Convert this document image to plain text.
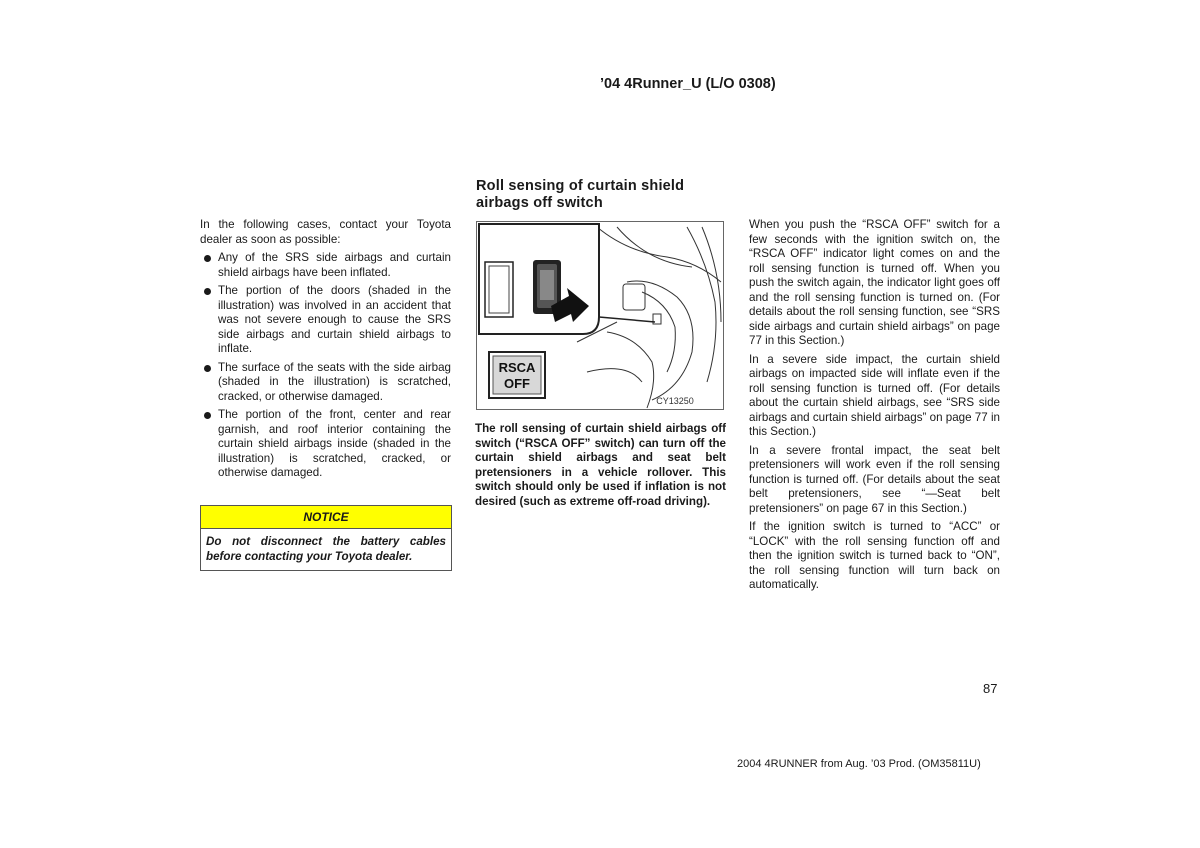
’04 4Runner_U (L/O 0308)

In the following cases, contact your Toyota dealer as soon as possible:

Any of the SRS side airbags and curtain shield airbags have been inflated.
The portion of the doors (shaded in the illustration) was involved in an accident that was not severe enough to cause the SRS side airbags and curtain shield airbags to inflate.
The surface of the seats with the side airbag (shaded in the illustration) is scratched, cracked, or otherwise damaged.
The portion of the front, center and rear garnish, and roof interior containing the curtain shield airbags inside (shaded in the illustration) is scratched, cracked, or otherwise damaged.
NOTICE
Do not disconnect the battery cables before contacting your Toyota dealer.
Roll sensing of curtain shield
airbags off switch
RSCA
OFF
CY13250
The roll sensing of curtain shield airbags off switch (“RSCA OFF” switch) can turn off the curtain shield airbags and seat belt pretensioners in a vehicle rollover. This switch should only be used if inflation is not desired (such as extreme off-road driving).

When you push the “RSCA OFF” switch for a few seconds with the ignition switch on, the “RSCA OFF” indicator light comes on and the roll sensing function is turned off. When you push the switch again, the indicator light goes off and the roll sensing function is turned on. (For details about the roll sensing function, see “SRS side airbags and curtain shield airbags” on page 77 in this Section.)

In a severe side impact, the curtain shield airbags on impacted side will inflate even if the roll sensing function is turned off. (For details about the curtain shield airbags, see “SRS side airbags and curtain shield airbags” on page 77 in this Section.)

In a severe frontal impact, the seat belt pretensioners will work even if the roll sensing function is turned off. (For details about the seat belt pretensioners, see “—Seat belt pretensioners” on page 67 in this Section.)

If the ignition switch is turned to “ACC” or “LOCK” with the roll sensing function off and then the ignition switch is turned back to “ON”, the roll sensing function will turn back on automatically.

87
2004 4RUNNER from Aug. ’03 Prod. (OM35811U)
